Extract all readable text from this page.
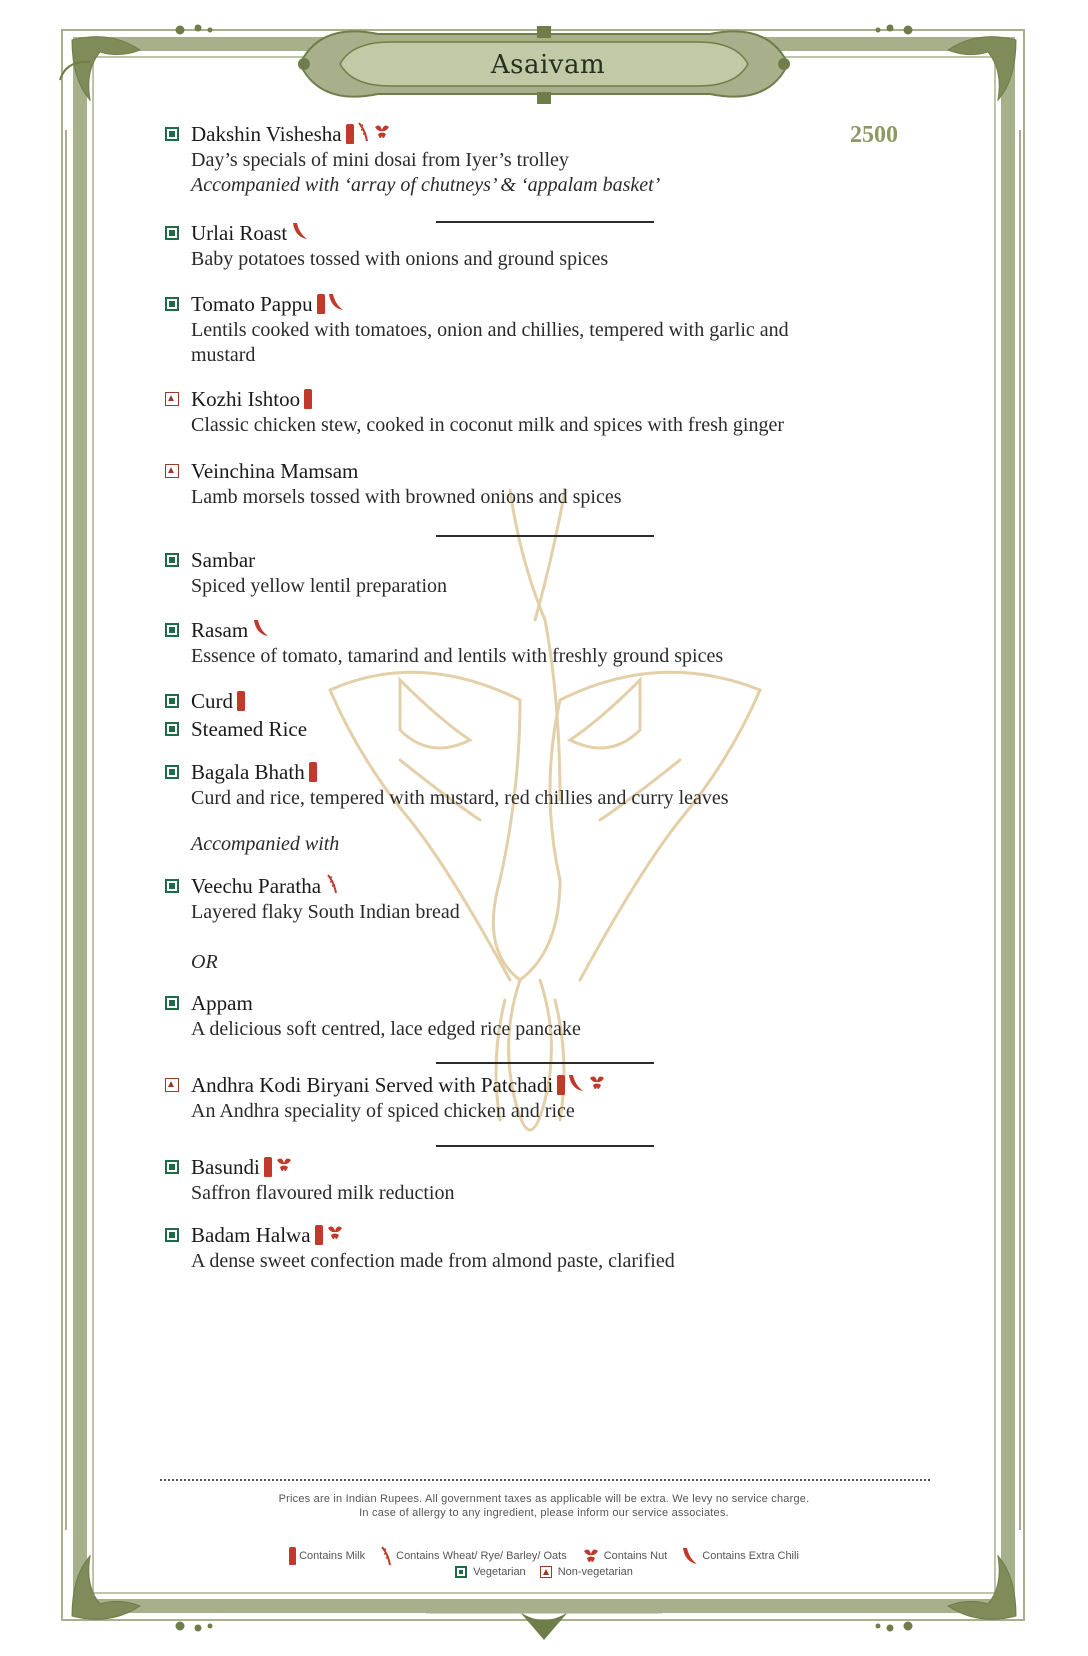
Asaivam
2500
Dakshin Vishesha
Day’s specials of mini dosai from Iyer’s trolley
Accompanied with ‘array of chutneys’ & ‘appalam basket’
Urlai Roast
Baby potatoes tossed with onions and ground spices
Tomato Pappu
Lentils cooked with tomatoes, onion and chillies, tempered with garlic and
mustard
Kozhi Ishtoo
Classic chicken stew, cooked in coconut milk and spices with fresh ginger
Veinchina Mamsam
Lamb morsels tossed with browned onions and spices
Sambar
Spiced yellow lentil preparation
Rasam
Essence of tomato, tamarind and lentils with freshly ground spices
Curd
Steamed Rice
Bagala Bhath
Curd and rice, tempered with mustard, red chillies and curry leaves
Veechu Paratha
Layered flaky South Indian bread
Appam
A delicious soft centred, lace edged rice pancake
Andhra Kodi Biryani Served with Patchadi
An Andhra speciality of spiced chicken and rice
Basundi
Saffron flavoured milk reduction
Badam Halwa
A dense sweet confection made from almond paste, clarified
Accompanied with
OR
Prices are in Indian Rupees. All government taxes as applicable will be extra. We levy no service charge.
In case of allergy to any ingredient, please inform our service associates.
Contains Milk	Contains Wheat/ Rye/ Barley/ Oats	Contains Nut	Contains Extra Chili
Vegetarian	Non-vegetarian
